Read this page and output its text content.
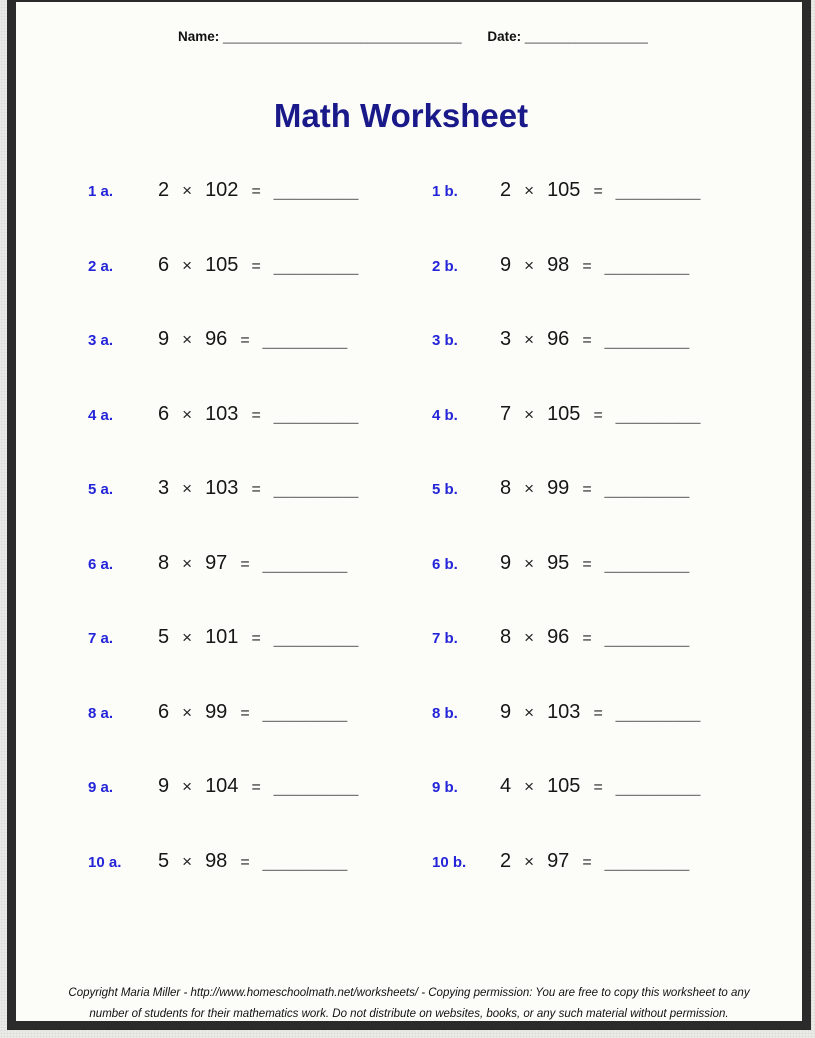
Name: _________________________________ Date: _________________
Math Worksheet
1 a. 2 × 102 = ________	1 b. 2 × 105 = ________
2 a. 6 × 105 = ________	2 b. 9 × 98 = ________
3 a. 9 × 96 = ________	3 b. 3 × 96 = ________
4 a. 6 × 103 = ________	4 b. 7 × 105 = ________
5 a. 3 × 103 = ________	5 b. 8 × 99 = ________
6 a. 8 × 97 = ________	6 b. 9 × 95 = ________
7 a. 5 × 101 = ________	7 b. 8 × 96 = ________
8 a. 6 × 99 = ________	8 b. 9 × 103 = ________
9 a. 9 × 104 = ________	9 b. 4 × 105 = ________
10 a. 5 × 98 = ________	10 b. 2 × 97 = ________
Copyright Maria Miller - http://www.homeschoolmath.net/worksheets/ - Copying permission: You are free to copy this worksheet to any
number of students for their mathematics work. Do not distribute on websites, books, or any such material without permission.
